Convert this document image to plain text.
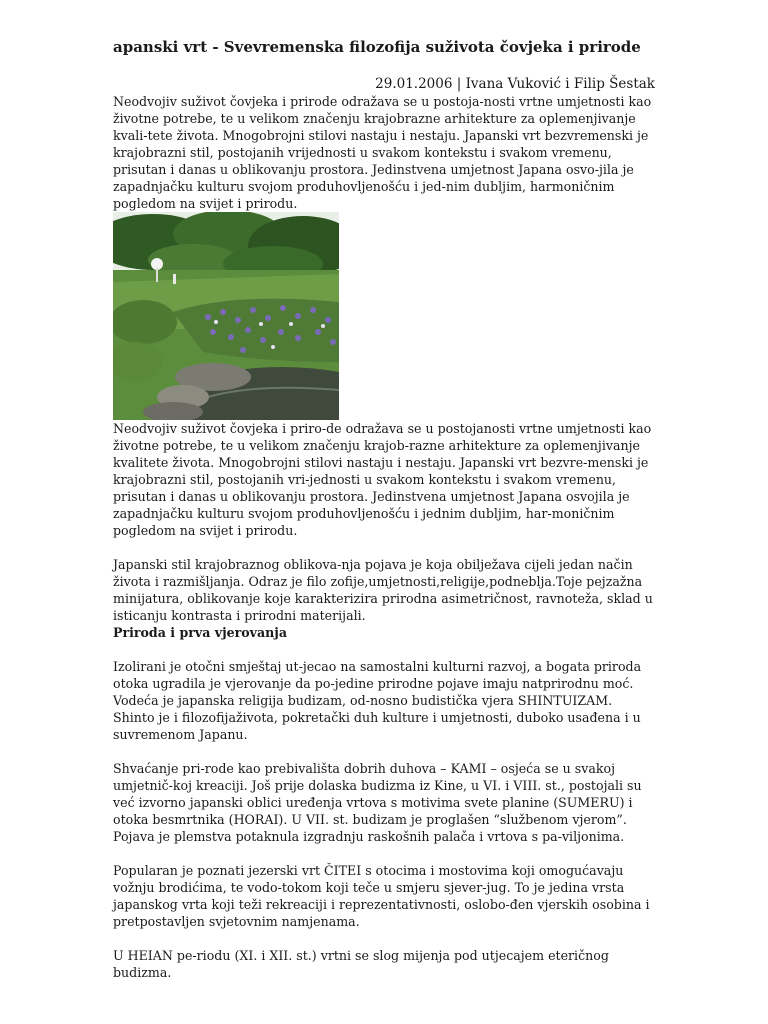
apanski vrt - Svevremenska filozofija suživota čovjeka i prirode
29.01.2006 | Ivana Vuković i Filip Šestak

Neodvojiv suživot čovjeka i prirode odražava se u postoja-nosti vrtne umjetnosti kao životne potrebe, te u velikom značenju krajobrazne arhitekture za oplemenjivanje kvali-tete života. Mnogobrojni stilovi nastaju i nestaju. Japanski vrt bezvremenski je krajobrazni stil, postojanih vrijednosti u svakom kontekstu i svakom vremenu, prisutan i danas u oblikovanju prostora. Jedinstvena umjetnost Japana osvo-jila je zapadnjačku kulturu svojom produhovljenošću i jed-nim dubljim, harmoničnim pogledom na svijet i prirodu.

Neodvojiv suživot čovjeka i priro-de odražava se u postojanosti vrtne umjetnosti kao životne potrebe, te u velikom značenju krajob-razne arhitekture za oplemenjivanje kvalitete života. Mnogobrojni stilovi nastaju i nestaju. Japanski vrt bezvre-menski je krajobrazni stil, postojanih vri-jednosti u svakom kontekstu i svakom vremenu, prisutan i danas u oblikovanju prostora. Jedinstvena umjetnost Japana osvojila je zapadnjačku kulturu svojom produhovljenošću i jednim dubljim, har-moničnim pogledom na svijet i prirodu.

Japanski stil krajobraznog oblikova-nja pojava je koja obilježava cijeli jedan način života i razmišljanja. Odraz je filo zofije,umjetnosti,religije,podneblja.Toje pejzažna minijatura, oblikovanje koje karakterizira prirodna asimetričnost, ravnoteža, sklad u isticanju kontrasta i prirodni materijali.

Priroda i prva vjerovanja

Izolirani je otočni smještaj ut-jecao na samostalni kulturni razvoj, a bogata priroda otoka ugradila je vjerovanje da po-jedine prirodne pojave imaju natprirodnu moć. Vodeća je japanska religija budizam, od-nosno budistička vjera SHINTUIZAM. Shinto je i filozofijaživota, pokretački duh kulture i umjetnosti, duboko usađena i u suvremenom Japanu.

Shvaćanje pri-rode kao prebivališta dobrih duhova – KAMI – osjeća se u svakoj umjetnič-koj kreaciji. Još prije dolaska budizma iz Kine, u VI. i VIII. st., postojali su već izvorno japanski oblici uređenja vrtova s motivima svete planine (SUMERU) i otoka besmrtnika (HORAI). U VII. st. budizam je proglašen “službenom vjerom”. Pojava je plemstva potaknula izgradnju raskošnih palača i vrtova s pa-viljonima.

Popularan je poznati jezerski vrt ČITEI s otocima i mostovima koji omogućavaju vožnju brodićima, te vodo-tokom koji teče u smjeru sjever-jug. To je jedina vrsta japanskog vrta koji teži rekreaciji i reprezentativnosti, oslobo-đen vjerskih osobina i pretpostavljen svjetovnim namjenama.

U HEIAN pe-riodu (XI. i XII. st.) vrtni se slog mijenja pod utjecajem eteričnog budizma.
